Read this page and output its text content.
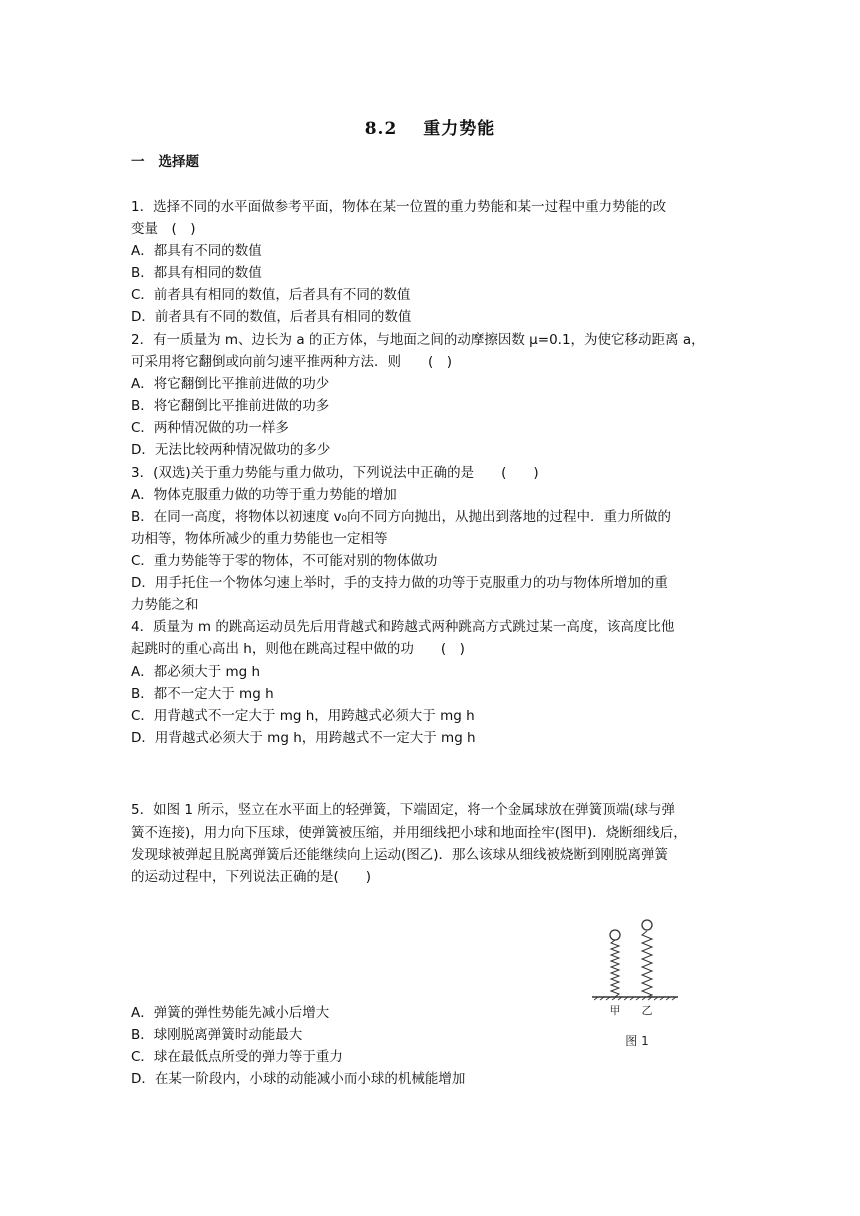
8.2 重力势能
一 选择题
1．选择不同的水平面做参考平面，物体在某一位置的重力势能和某一过程中重力势能的改
变量　(　)
A．都具有不同的数值
B．都具有相同的数值
C．前者具有相同的数值，后者具有不同的数值
D．前者具有不同的数值，后者具有相同的数值
2．有一质量为 m、边长为 a 的正方体，与地面之间的动摩擦因数 μ=0.1，为使它移动距离 a，
可采用将它翻倒或向前匀速平推两种方法．则　　(　)
A．将它翻倒比平推前进做的功少
B．将它翻倒比平推前进做的功多
C．两种情况做的功一样多
D．无法比较两种情况做功的多少
3．(双选)关于重力势能与重力做功，下列说法中正确的是　　(　　)
A．物体克服重力做的功等于重力势能的增加
B．在同一高度，将物体以初速度 v₀向不同方向抛出，从抛出到落地的过程中．重力所做的
功相等，物体所减少的重力势能也一定相等
C．重力势能等于零的物体，不可能对别的物体做功
D．用手托住一个物体匀速上举时，手的支持力做的功等于克服重力的功与物体所增加的重
力势能之和
4．质量为 m 的跳高运动员先后用背越式和跨越式两种跳高方式跳过某一高度，该高度比他
起跳时的重心高出 h，则他在跳高过程中做的功　　(　)
A．都必须大于 mg h
B．都不一定大于 mg h
C．用背越式不一定大于 mg h，用跨越式必须大于 mg h
D．用背越式必须大于 mg h，用跨越式不一定大于 mg h
5．如图 1 所示，竖立在水平面上的轻弹簧，下端固定，将一个金属球放在弹簧顶端(球与弹
簧不连接)，用力向下压球，使弹簧被压缩，并用细线把小球和地面拴牢(图甲)．烧断细线后，
发现球被弹起且脱离弹簧后还能继续向上运动(图乙)．那么该球从细线被烧断到刚脱离弹簧
的运动过程中，下列说法正确的是(　　)
A．弹簧的弹性势能先减小后增大
B．球刚脱离弹簧时动能最大
C．球在最低点所受的弹力等于重力
D．在某一阶段内，小球的动能减小而小球的机械能增加
甲 乙
图 1
